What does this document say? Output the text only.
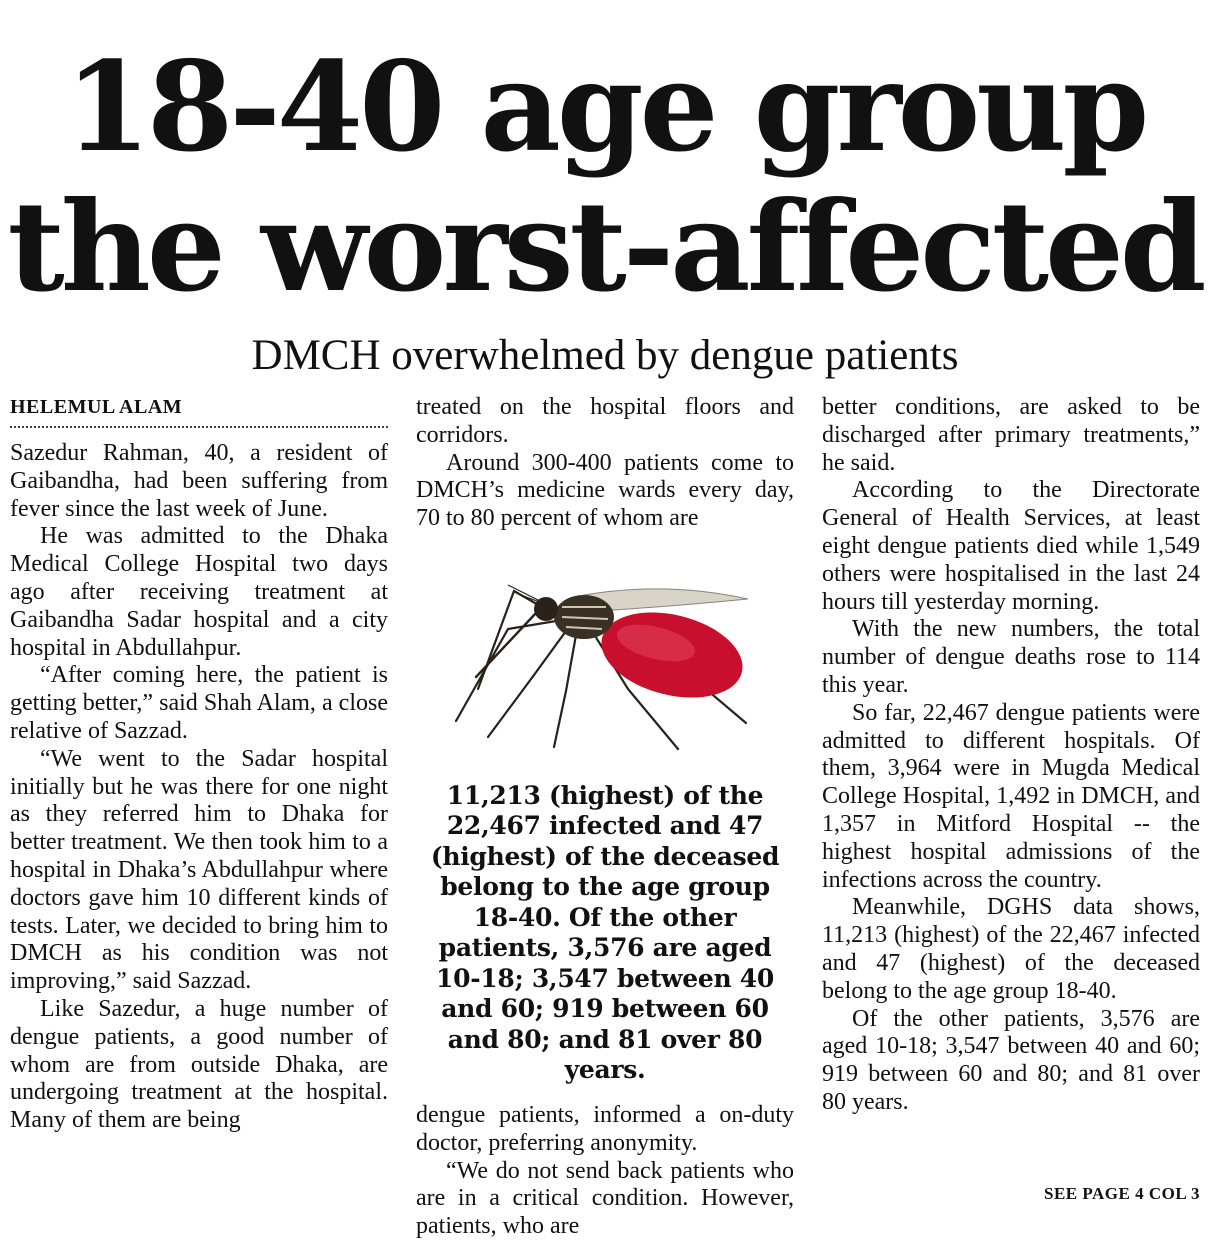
18-40 age group
the worst-affected
DMCH overwhelmed by dengue patients

HELEMUL ALAM

Sazedur Rahman, 40, a resident of Gaibandha, had been suffering from fever since the last week of June.

He was admitted to the Dhaka Medical College Hospital two days ago after receiving treatment at Gaibandha Sadar hospital and a city hospital in Abdullahpur.

“After coming here, the patient is getting better,” said Shah Alam, a close relative of Sazzad.

“We went to the Sadar hospital initially but he was there for one night as they referred him to Dhaka for better treatment. We then took him to a hospital in Dhaka’s Abdullahpur where doctors gave him 10 different kinds of tests. Later, we decided to bring him to DMCH as his condition was not improving,” said Sazzad.

Like Sazedur, a huge number of dengue patients, a good number of whom are from outside Dhaka, are undergoing treatment at the hospital. Many of them are being

treated on the hospital floors and corridors.

Around 300-400 patients come to DMCH’s medicine wards every day, 70 to 80 percent of whom are

11,213 (highest) of the 22,467 infected and 47 (highest) of the deceased belong to the age group 18-40. Of the other patients, 3,576 are aged 10-18; 3,547 between 40 and 60; 919 between 60 and 80; and 81 over 80 years.

dengue patients, informed a on-duty doctor, preferring anonymity.

“We do not send back patients who are in a critical condition. However, patients, who are

better conditions, are asked to be discharged after primary treatments,” he said.

According to the Directorate General of Health Services, at least eight dengue patients died while 1,549 others were hospitalised in the last 24 hours till yesterday morning.

With the new numbers, the total number of dengue deaths rose to 114 this year.

So far, 22,467 dengue patients were admitted to different hospitals. Of them, 3,964 were in Mugda Medical College Hospital, 1,492 in DMCH, and 1,357 in Mitford Hospital -- the highest hospital admissions of the infections across the country.

Meanwhile, DGHS data shows, 11,213 (highest) of the 22,467 infected and 47 (highest) of the deceased belong to the age group 18-40.

Of the other patients, 3,576 are aged 10-18; 3,547 between 40 and 60; 919 between 60 and 80; and 81 over 80 years.

SEE PAGE 4 COL 3
